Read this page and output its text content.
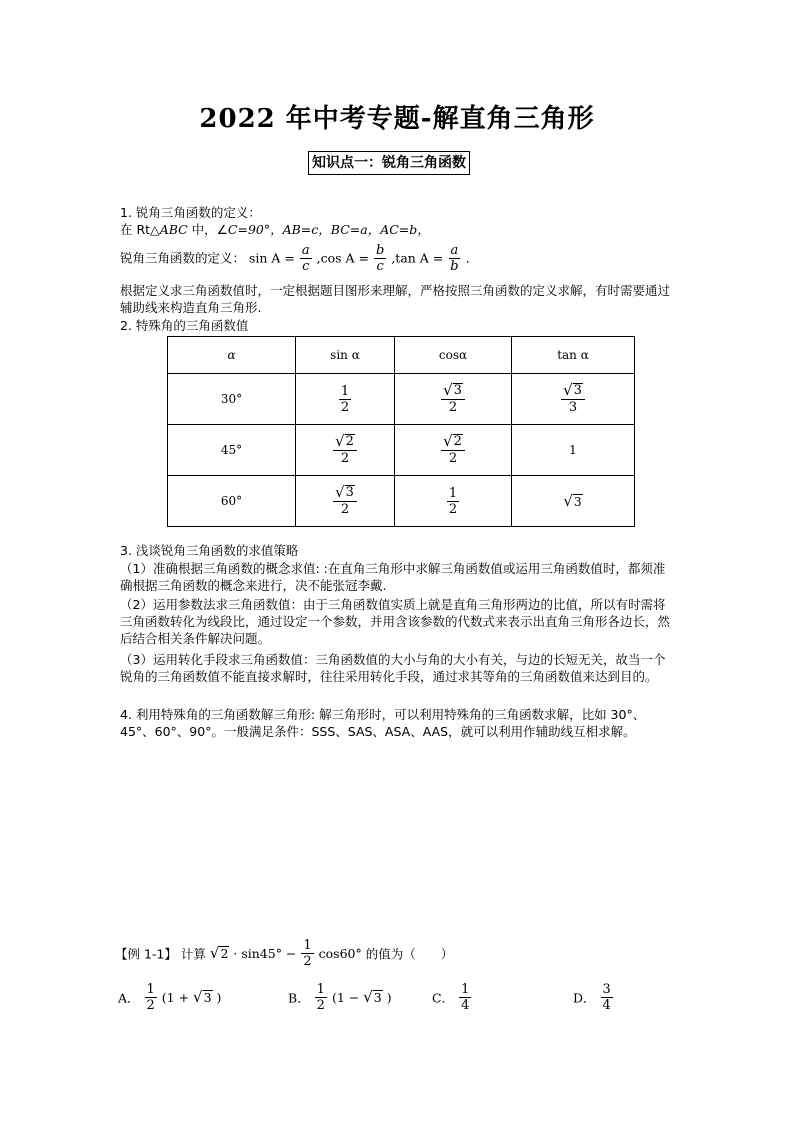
2022 年中考专题-解直角三角形
知识点一：锐角三角函数
1. 锐角三角函数的定义：
在 Rt△ABC 中，∠C=90°，AB=c，BC=a，AC=b，
锐角三角函数的定义： $\sin A = \frac{a}{c} ,\cos$ $A = \frac{b}{c} ,\tan$ $A = \frac{a}{b}$ .
根据定义求三角函数值时，一定根据题目图形来理解，严格按照三角函数的定义求解，有时需要通过辅助线来构造直角三角形.
2. 特殊角的三角函数值
α	sin α	cosα	tan α
30°	$\frac{1}{2}$	$\frac{√ 3}{2}$	$\frac{√ 3}{3}$

45°	$\frac{√ 2}{2}$	$\frac{√ 2}{2}$	1
60°	$\frac{√ 3}{2}$	$\frac{1}{2}$	√ 3
3. 浅谈锐角三角函数的求值策略
（1）准确根据三角函数的概念求值: :在直角三角形中求解三角函数值或运用三角函数值时，都须准确根据三角函数的概念来进行，决不能张冠李戴.
（2）运用参数法求三角函数值：由于三角函数值实质上就是直角三角形两边的比值，所以有时需将三角函数转化为线段比，通过设定一个参数，并用含该参数的代数式来表示出直角三角形各边长，然后结合相关条件解决问题。
（3）运用转化手段求三角函数值：三角函数值的大小与角的大小有关，与边的长短无关，故当一个锐角的三角函数值不能直接求解时，往往采用转化手段，通过求其等角的三角函数值来达到目的。
4. 利用特殊角的三角函数解三角形: 解三角形时，可以利用特殊角的三角函数求解，比如 30°、45°、60°、90°。一般满足条件：SSS、SAS、ASA、AAS，就可以利用作辅助线互相求解。
【例 1-1】 计算 √ $2 \cdot \sin 45^\circ - \frac{1}{2} \cos 60^\circ$ 的值为（　　）
A． $\frac{1}{2} (1$ + √ 3 )	B． $\frac{1}{2} (1$ − √ 3 )	C． $\frac{1}{4}$	D． $\frac{3}{4}$
